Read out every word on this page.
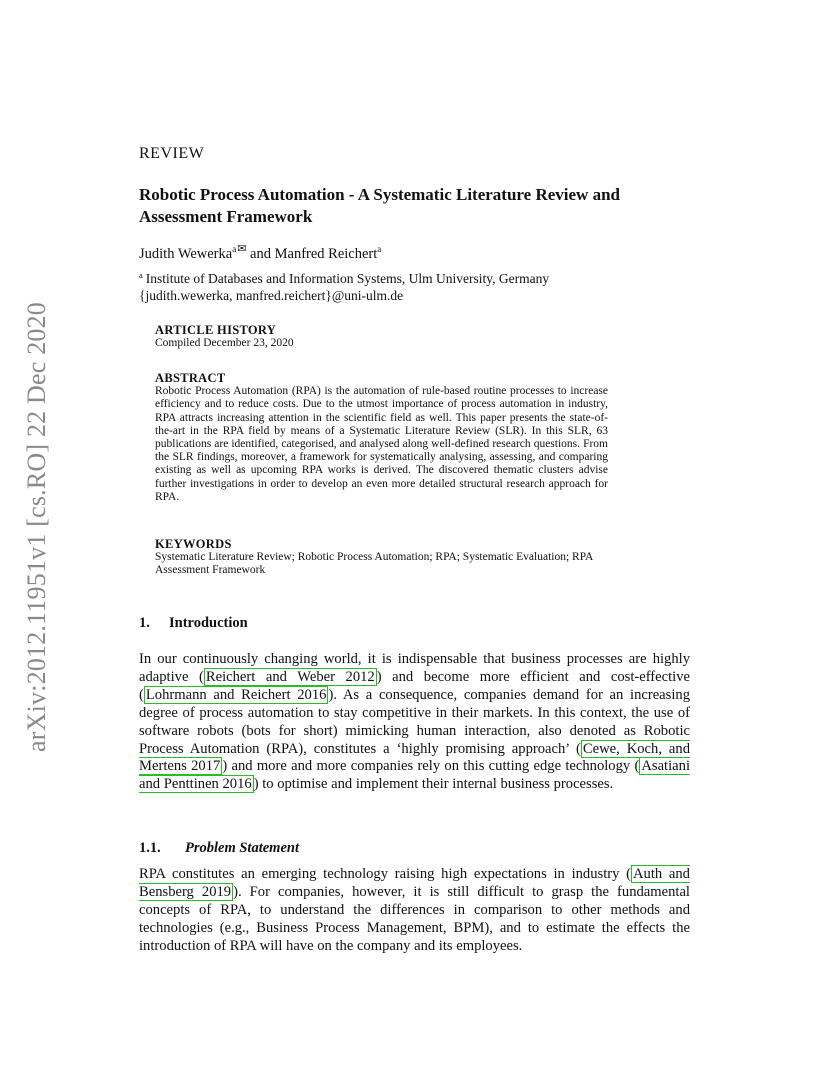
arXiv:2012.11951v1 [cs.RO] 22 Dec 2020
REVIEW
Robotic Process Automation - A Systematic Literature Review and Assessment Framework
Judith Wewerka$^a$✉ and Manfred Reichert$^a$
$^a$ Institute of Databases and Information Systems, Ulm University, Germany
{judith.wewerka, manfred.reichert}@uni-ulm.de
ARTICLE HISTORY
Compiled December 23, 2020
ABSTRACT

Robotic Process Automation (RPA) is the automation of rule-based routine processes to increase efficiency and to reduce costs. Due to the utmost importance of process automation in industry, RPA attracts increasing attention in the scientific field as well. This paper presents the state-of-the-art in the RPA field by means of a Systematic Literature Review (SLR). In this SLR, 63 publications are identified, categorised, and analysed along well-defined research questions. From the SLR findings, moreover, a framework for systematically analysing, assessing, and comparing existing as well as upcoming RPA works is derived. The discovered thematic clusters advise further investigations in order to develop an even more detailed structural research approach for RPA.

KEYWORDS

Systematic Literature Review; Robotic Process Automation; RPA; Systematic Evaluation; RPA Assessment Framework

1. Introduction

In our continuously changing world, it is indispensable that business processes are highly adaptive ( Reichert and Weber 2012 ) and become more efficient and cost-effective ( Lohrmann and Reichert 2016 ). As a consequence, companies demand for an increasing degree of process automation to stay competitive in their markets. In this context, the use of software robots (bots for short) mimicking human interaction, also denoted as Robotic Process Automation (RPA), constitutes a ‘highly promising approach’ ( Cewe, Koch, and Mertens 2017 ) and more and more companies rely on this cutting edge technology ( Asatiani and Penttinen 2016 ) to optimise and implement their internal business processes.

1.1. Problem Statement

RPA constitutes an emerging technology raising high expectations in industry ( Auth and Bensberg 2019 ). For companies, however, it is still difficult to grasp the fundamental concepts of RPA, to understand the differences in comparison to other methods and technologies (e.g., Business Process Management, BPM), and to estimate the effects the introduction of RPA will have on the company and its employees.
